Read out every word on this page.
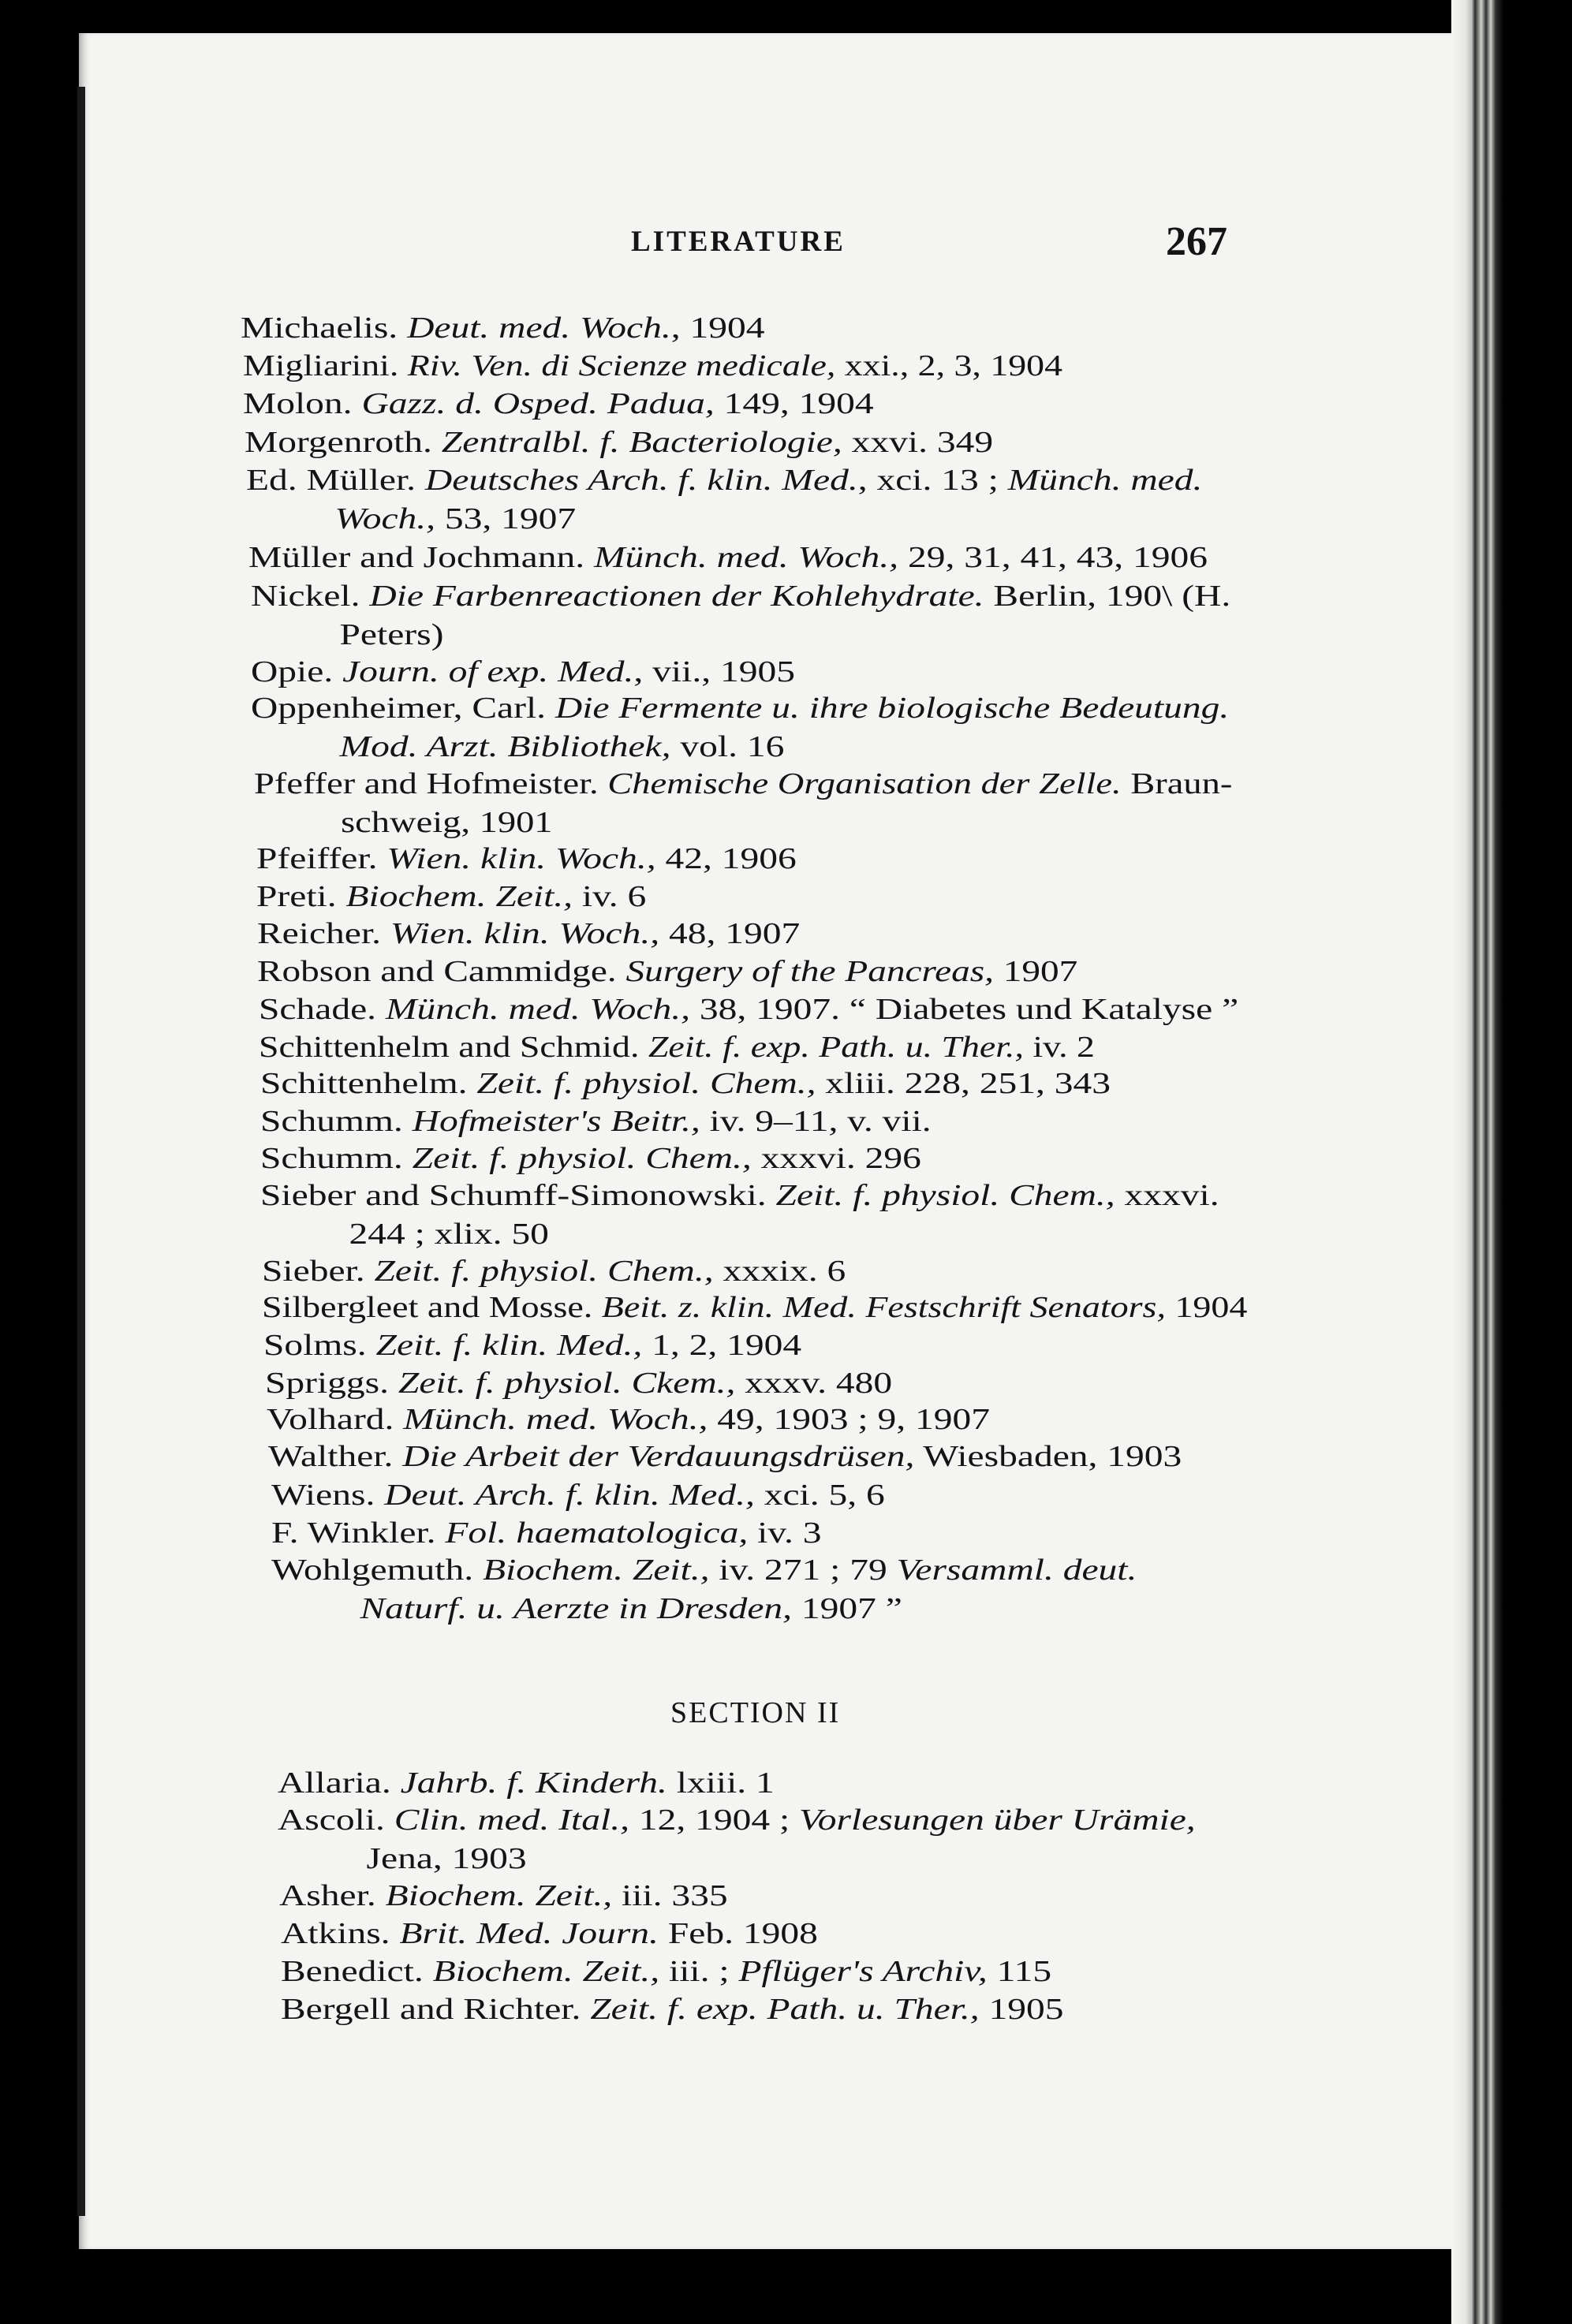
LITERATURE	267
Michaelis. Deut. med. Woch., 1904
Migliarini. Riv. Ven. di Scienze medicale, xxi., 2, 3, 1904
Molon. Gazz. d. Osped. Padua, 149, 1904
Morgenroth. Zentralbl. f. Bacteriologie, xxvi. 349
Ed. Müller. Deutsches Arch. f. klin. Med., xci. 13 ; Münch. med.
Woch., 53, 1907
Müller and Jochmann. Münch. med. Woch., 29, 31, 41, 43, 1906
Nickel. Die Farbenreactionen der Kohlehydrate. Berlin, 190\ (H.
Peters)
Opie. Journ. of exp. Med., vii., 1905
Oppenheimer, Carl. Die Fermente u. ihre biologische Bedeutung.
Mod. Arzt. Bibliothek, vol. 16
Pfeffer and Hofmeister. Chemische Organisation der Zelle. Braun-
schweig, 1901
Pfeiffer. Wien. klin. Woch., 42, 1906
Preti. Biochem. Zeit., iv. 6
Reicher. Wien. klin. Woch., 48, 1907
Robson and Cammidge. Surgery of the Pancreas, 1907
Schade. Münch. med. Woch., 38, 1907. “ Diabetes und Katalyse ”
Schittenhelm and Schmid. Zeit. f. exp. Path. u. Ther., iv. 2
Schittenhelm. Zeit. f. physiol. Chem., xliii. 228, 251, 343
Schumm. Hofmeister's Beitr., iv. 9–11, v. vii.
Schumm. Zeit. f. physiol. Chem., xxxvi. 296
Sieber and Schumff-Simonowski. Zeit. f. physiol. Chem., xxxvi.
244 ; xlix. 50
Sieber. Zeit. f. physiol. Chem., xxxix. 6
Silbergleet and Mosse. Beit. z. klin. Med. Festschrift Senators, 1904
Solms. Zeit. f. klin. Med., 1, 2, 1904
Spriggs. Zeit. f. physiol. Ckem., xxxv. 480
Volhard. Münch. med. Woch., 49, 1903 ; 9, 1907
Walther. Die Arbeit der Verdauungsdrüsen, Wiesbaden, 1903
Wiens. Deut. Arch. f. klin. Med., xci. 5, 6
F. Winkler. Fol. haematologica, iv. 3
Wohlgemuth. Biochem. Zeit., iv. 271 ; 79 Versamml. deut.
Naturf. u. Aerzte in Dresden, 1907 ”
Allaria. Jahrb. f. Kinderh. lxiii. 1
Ascoli. Clin. med. Ital., 12, 1904 ; Vorlesungen über Urämie,
Jena, 1903
Asher. Biochem. Zeit., iii. 335
Atkins. Brit. Med. Journ. Feb. 1908
Benedict. Biochem. Zeit., iii. ; Pflüger's Archiv, 115
Bergell and Richter. Zeit. f. exp. Path. u. Ther., 1905
SECTION II
